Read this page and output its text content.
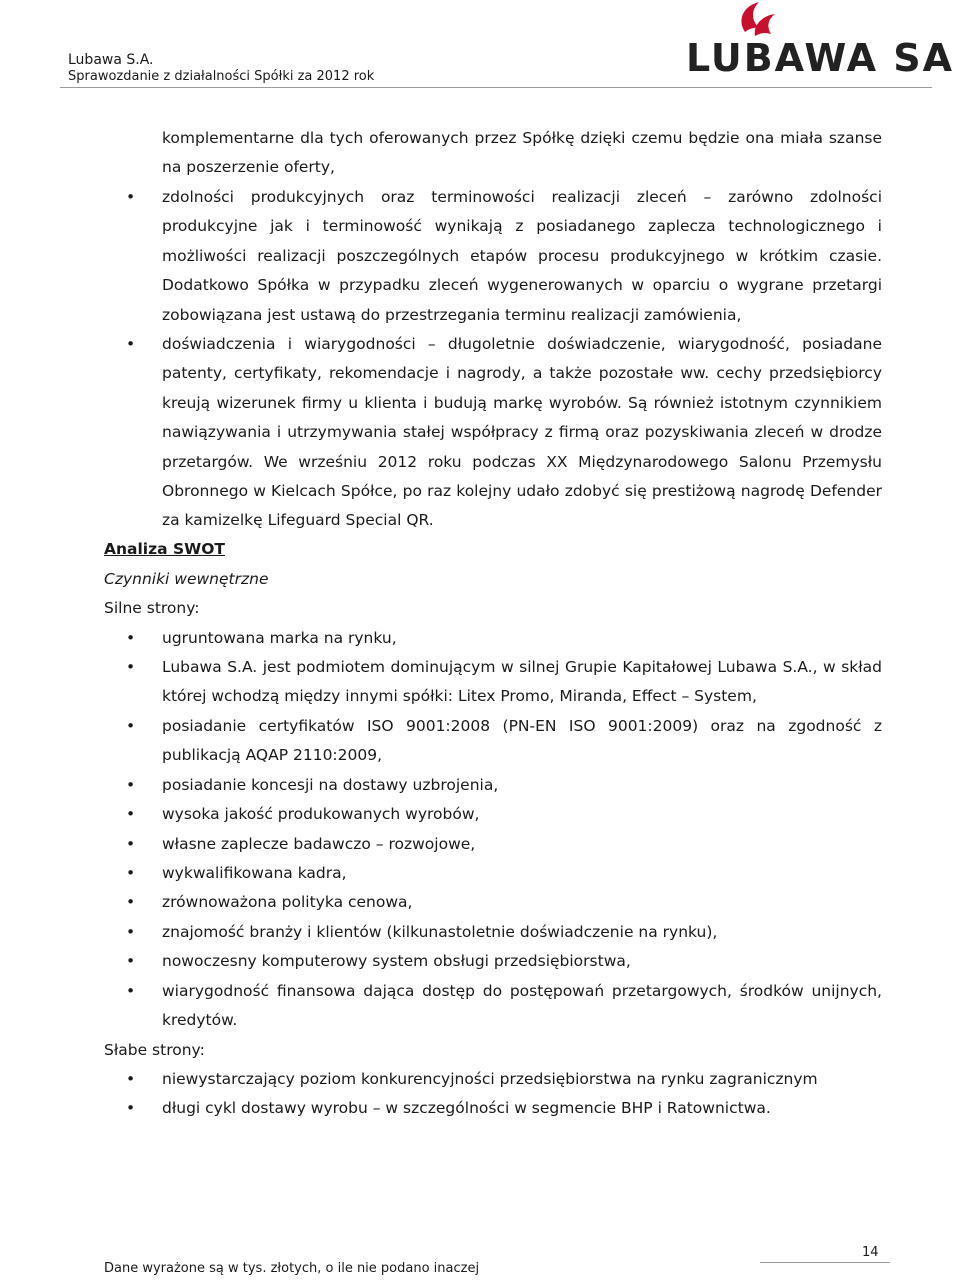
Lubawa S.A.
Sprawozdanie z działalności Spółki za 2012 rok	LUBAWA SA

komplementarne dla tych oferowanych przez Spółkę dzięki czemu będzie ona miała szanse na poszerzenie oferty,

• zdolności produkcyjnych oraz terminowości realizacji zleceń – zarówno zdolności produkcyjne jak i terminowość wynikają z posiadanego zaplecza technologicznego i możliwości realizacji poszczególnych etapów procesu produkcyjnego w krótkim czasie. Dodatkowo Spółka w przypadku zleceń wygenerowanych w oparciu o wygrane przetargi zobowiązana jest ustawą do przestrzegania terminu realizacji zamówienia,

• doświadczenia i wiarygodności – długoletnie doświadczenie, wiarygodność, posiadane patenty, certyfikaty, rekomendacje i nagrody, a także pozostałe ww. cechy przedsiębiorcy kreują wizerunek firmy u klienta i budują markę wyrobów. Są również istotnym czynnikiem nawiązywania i utrzymywania stałej współpracy z firmą oraz pozyskiwania zleceń w drodze przetargów. We wrześniu 2012 roku podczas XX Międzynarodowego Salonu Przemysłu Obronnego w Kielcach Spółce, po raz kolejny udało zdobyć się prestiżową nagrodę Defender za kamizelkę Lifeguard Special QR.

Analiza SWOT
Czynniki wewnętrzne
Silne strony:
• ugruntowana marka na rynku,

• Lubawa S.A. jest podmiotem dominującym w silnej Grupie Kapitałowej Lubawa S.A., w skład której wchodzą między innymi spółki: Litex Promo, Miranda, Effect – System,

• posiadanie certyfikatów ISO 9001:2008 (PN-EN ISO 9001:2009) oraz na zgodność z publikacją AQAP 2110:2009,

• posiadanie koncesji na dostawy uzbrojenia,

• wysoka jakość produkowanych wyrobów,

• własne zaplecze badawczo – rozwojowe,

• wykwalifikowana kadra,

• zrównoważona polityka cenowa,

• znajomość branży i klientów (kilkunastoletnie doświadczenie na rynku),

• nowoczesny komputerowy system obsługi przedsiębiorstwa,

• wiarygodność finansowa dająca dostęp do postępowań przetargowych, środków unijnych, kredytów.

Słabe strony:
• niewystarczający poziom konkurencyjności przedsiębiorstwa na rynku zagranicznym

• długi cykl dostawy wyrobu – w szczególności w segmencie BHP i Ratownictwa.

14
Dane wyrażone są w tys. złotych, o ile nie podano inaczej
